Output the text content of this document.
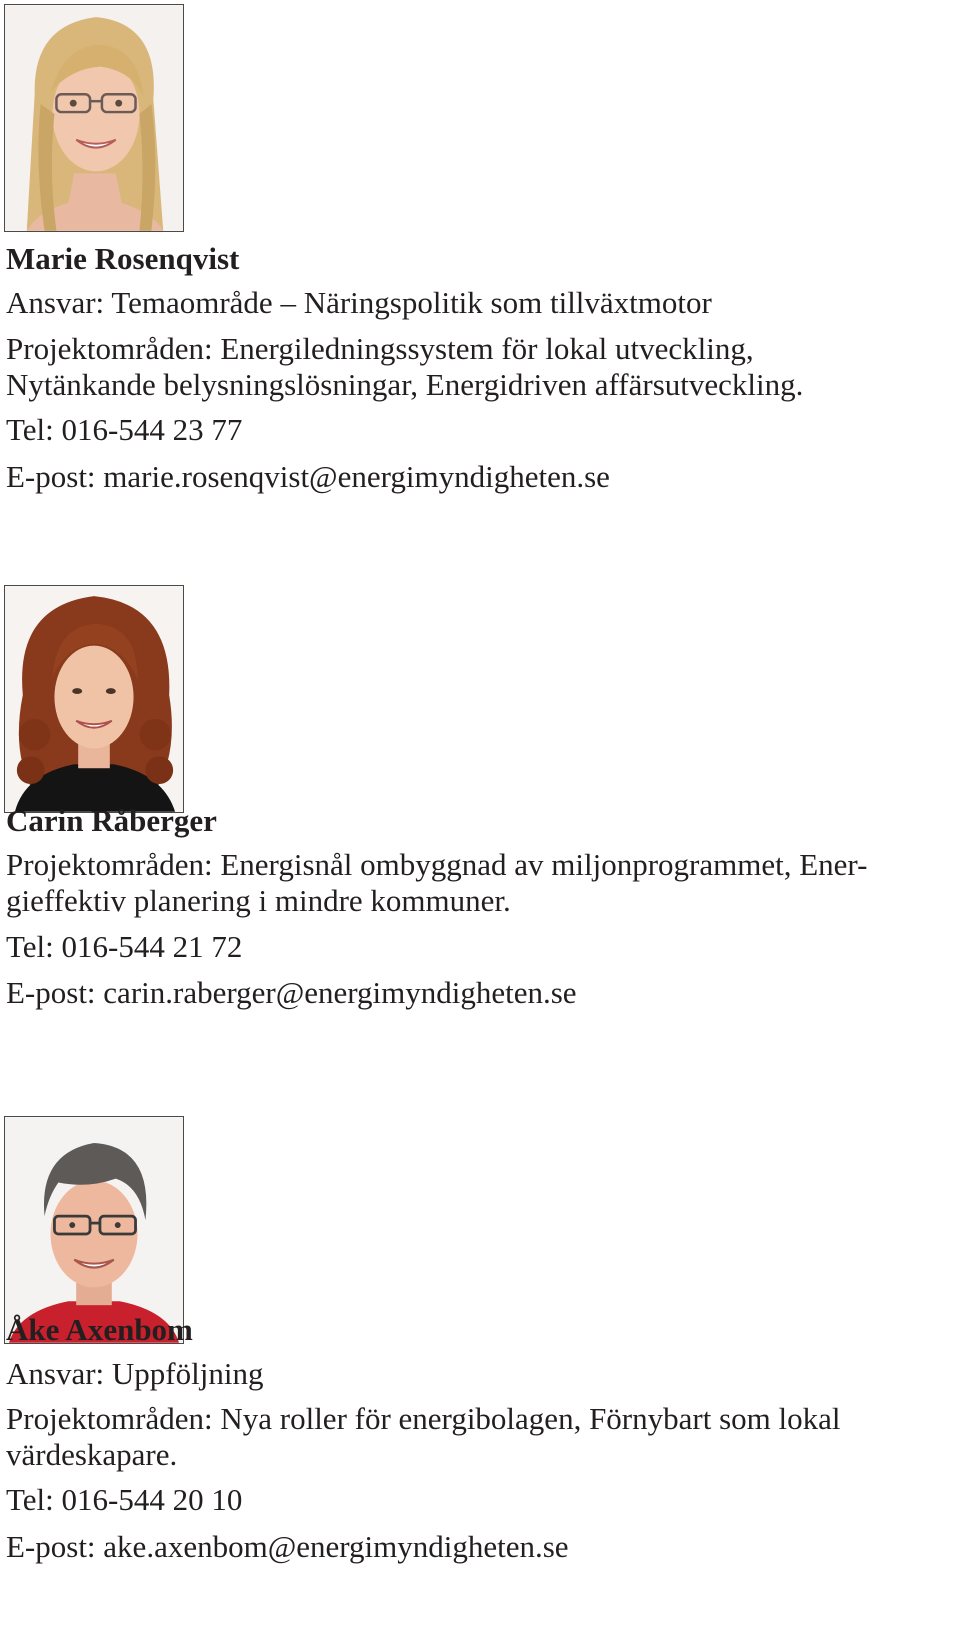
Marie Rosenqvist
Ansvar: Temaområde – Näringspolitik som tillväxtmotor
Projektområden: Energiledningssystem för lokal utveckling,
Nytänkande belysningslösningar, Energidriven affärsutveckling.
Tel: 016-544 23 77
E-post: marie.rosenqvist@energimyndigheten.se
Carin Råberger
Projektområden: Energisnål ombyggnad av miljonprogrammet, Ener-
gieffektiv planering i mindre kommuner.
Tel: 016-544 21 72
E-post: carin.raberger@energimyndigheten.se
Åke Axenbom
Ansvar: Uppföljning
Projektområden: Nya roller för energibolagen, Förnybart som lokal
värdeskapare.
Tel: 016-544 20 10
E-post: ake.axenbom@energimyndigheten.se
